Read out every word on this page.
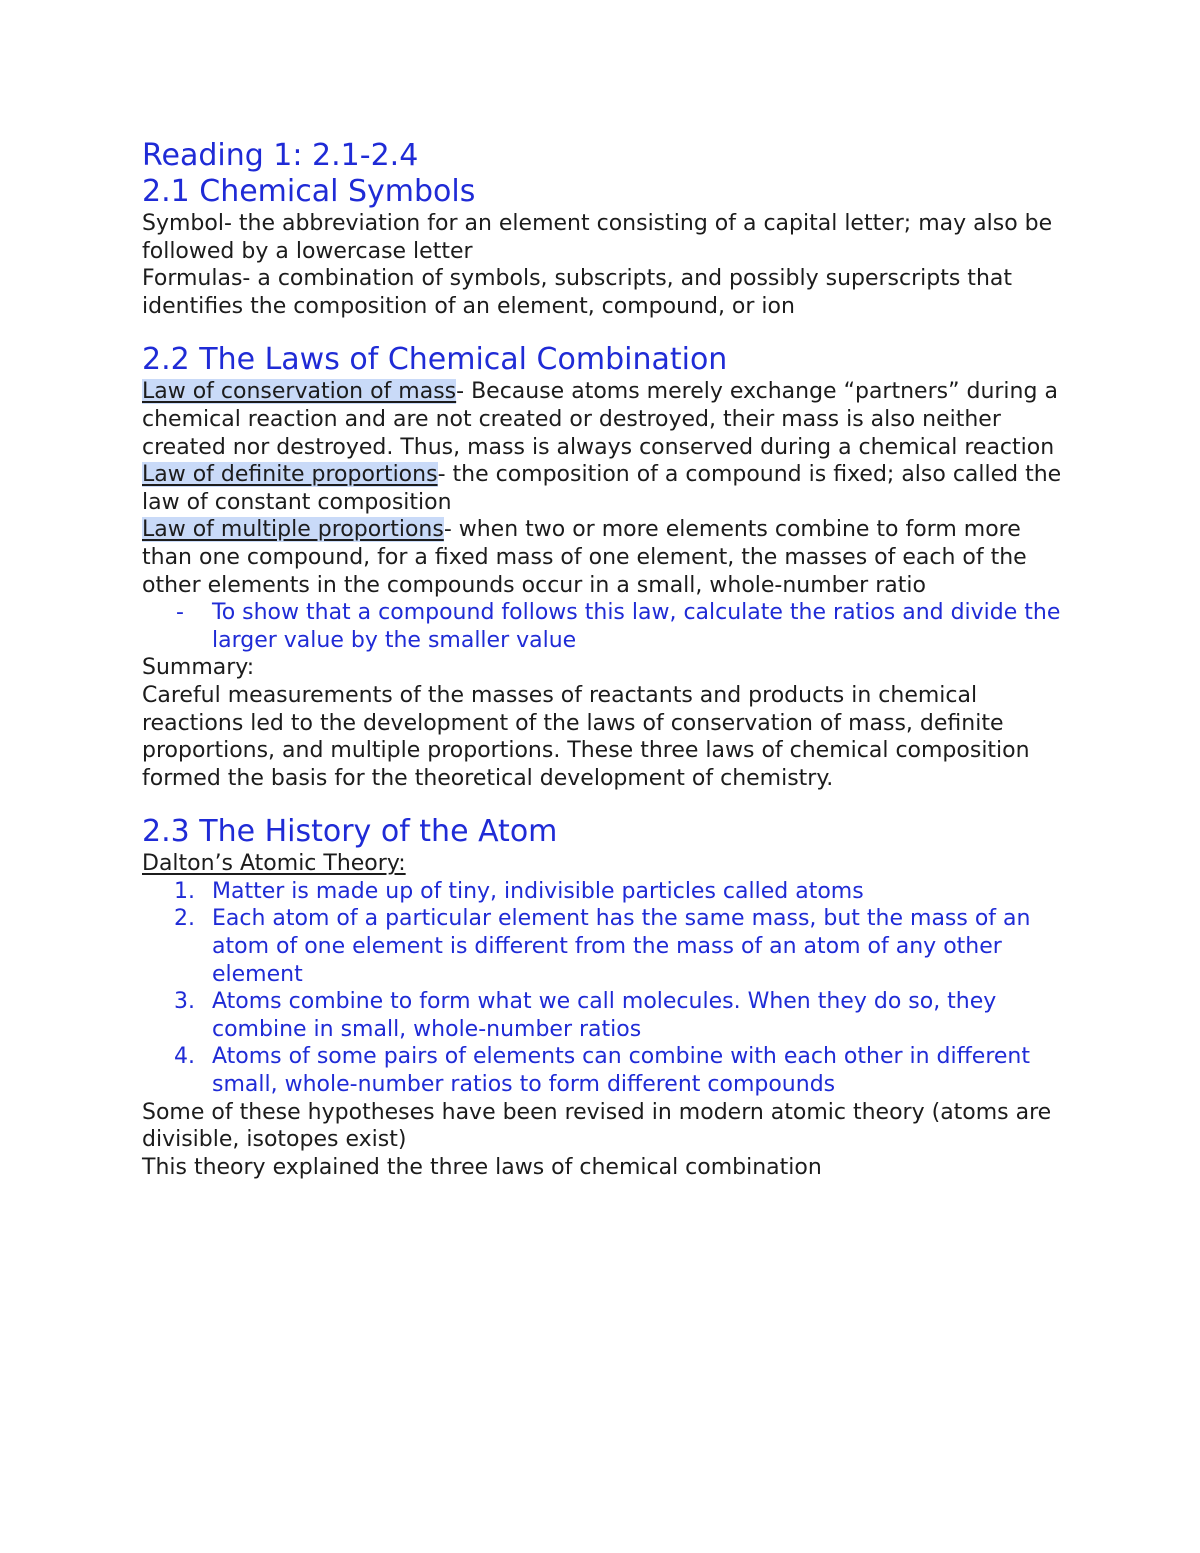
Reading 1: 2.1-2.4
2.1 Chemical Symbols

Symbol- the abbreviation for an element consisting of a capital letter; may also be followed by a lowercase letter

Formulas- a combination of symbols, subscripts, and possibly superscripts that identifies the composition of an element, compound, or ion

2.2 The Laws of Chemical Combination

Law of conservation of mass- Because atoms merely exchange “partners” during a chemical reaction and are not created or destroyed, their mass is also neither created nor destroyed. Thus, mass is always conserved during a chemical reaction

Law of definite proportions- the composition of a compound is fixed; also called the law of constant composition

Law of multiple proportions- when two or more elements combine to form more than one compound, for a fixed mass of one element, the masses of each of the other elements in the compounds occur in a small, whole-number ratio

- To show that a compound follows this law, calculate the ratios and divide the larger value by the smaller value

Summary:

Careful measurements of the masses of reactants and products in chemical reactions led to the development of the laws of conservation of mass, definite proportions, and multiple proportions. These three laws of chemical composition formed the basis for the theoretical development of chemistry.

2.3 The History of the Atom

Dalton’s Atomic Theory:

1. Matter is made up of tiny, indivisible particles called atoms
2. Each atom of a particular element has the same mass, but the mass of an atom of one element is different from the mass of an atom of any other element
3. Atoms combine to form what we call molecules. When they do so, they combine in small, whole-number ratios
4. Atoms of some pairs of elements can combine with each other in different small, whole-number ratios to form different compounds

Some of these hypotheses have been revised in modern atomic theory (atoms are divisible, isotopes exist)

This theory explained the three laws of chemical combination
